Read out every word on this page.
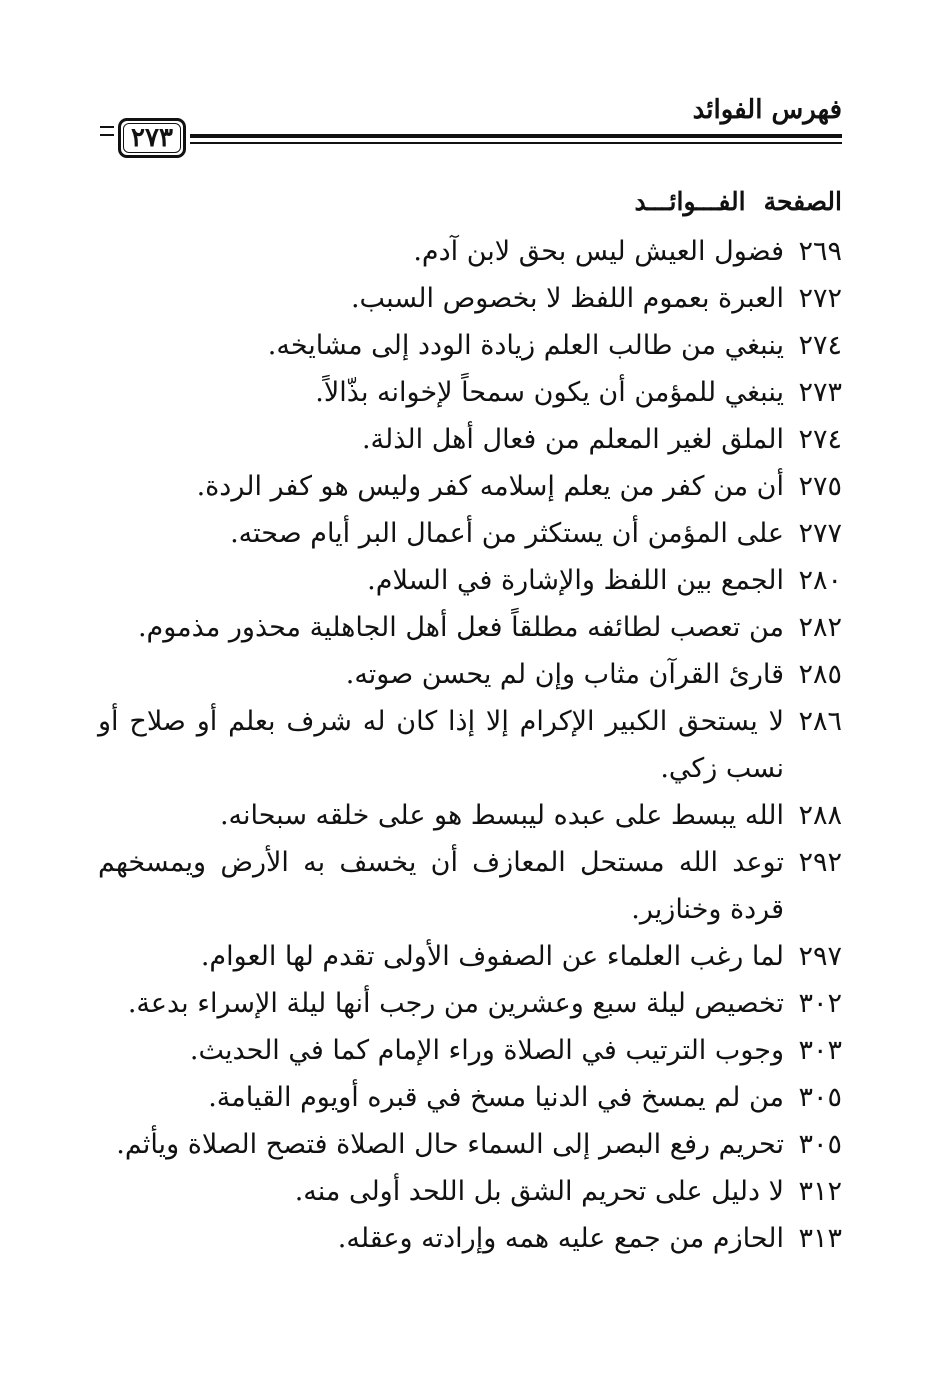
فهرس الفوائد
٢٧٣
الصفحةالفـــوائـــد
٢٦٩
فضول العيش ليس بحق لابن آدم.
٢٧٢
العبرة بعموم اللفظ لا بخصوص السبب.
٢٧٤
ينبغي من طالب العلم زيادة الودد إلى مشايخه.
٢٧٣
ينبغي للمؤمن أن يكون سمحاً لإخوانه بذّالاً.
٢٧٤
الملق لغير المعلم من فعال أهل الذلة.
٢٧٥
أن من كفر من يعلم إسلامه كفر وليس هو كفر الردة.
٢٧٧
على المؤمن أن يستكثر من أعمال البر أيام صحته.
٢٨٠
الجمع بين اللفظ والإشارة في السلام.
٢٨٢
من تعصب لطائفه مطلقاً فعل أهل الجاهلية محذور مذموم.
٢٨٥
قارئ القرآن مثاب وإن لم يحسن صوته.
٢٨٦
لا يستحق الكبير الإكرام إلا إذا كان له شرف بعلم أو صلاح أو نسب زكي.
٢٨٨
الله يبسط على عبده ليبسط هو على خلقه سبحانه.
٢٩٢
توعد الله مستحل المعازف أن يخسف به الأرض ويمسخهم قردة وخنازير.
٢٩٧
لما رغب العلماء عن الصفوف الأولى تقدم لها العوام.
٣٠٢
تخصيص ليلة سبع وعشرين من رجب أنها ليلة الإسراء بدعة.
٣٠٣
وجوب الترتيب في الصلاة وراء الإمام كما في الحديث.
٣٠٥
من لم يمسخ في الدنيا مسخ في قبره أويوم القيامة.
٣٠٥
تحريم رفع البصر إلى السماء حال الصلاة فتصح الصلاة ويأثم.
٣١٢
لا دليل على تحريم الشق بل اللحد أولى منه.
٣١٣
الحازم من جمع عليه همه وإرادته وعقله.
